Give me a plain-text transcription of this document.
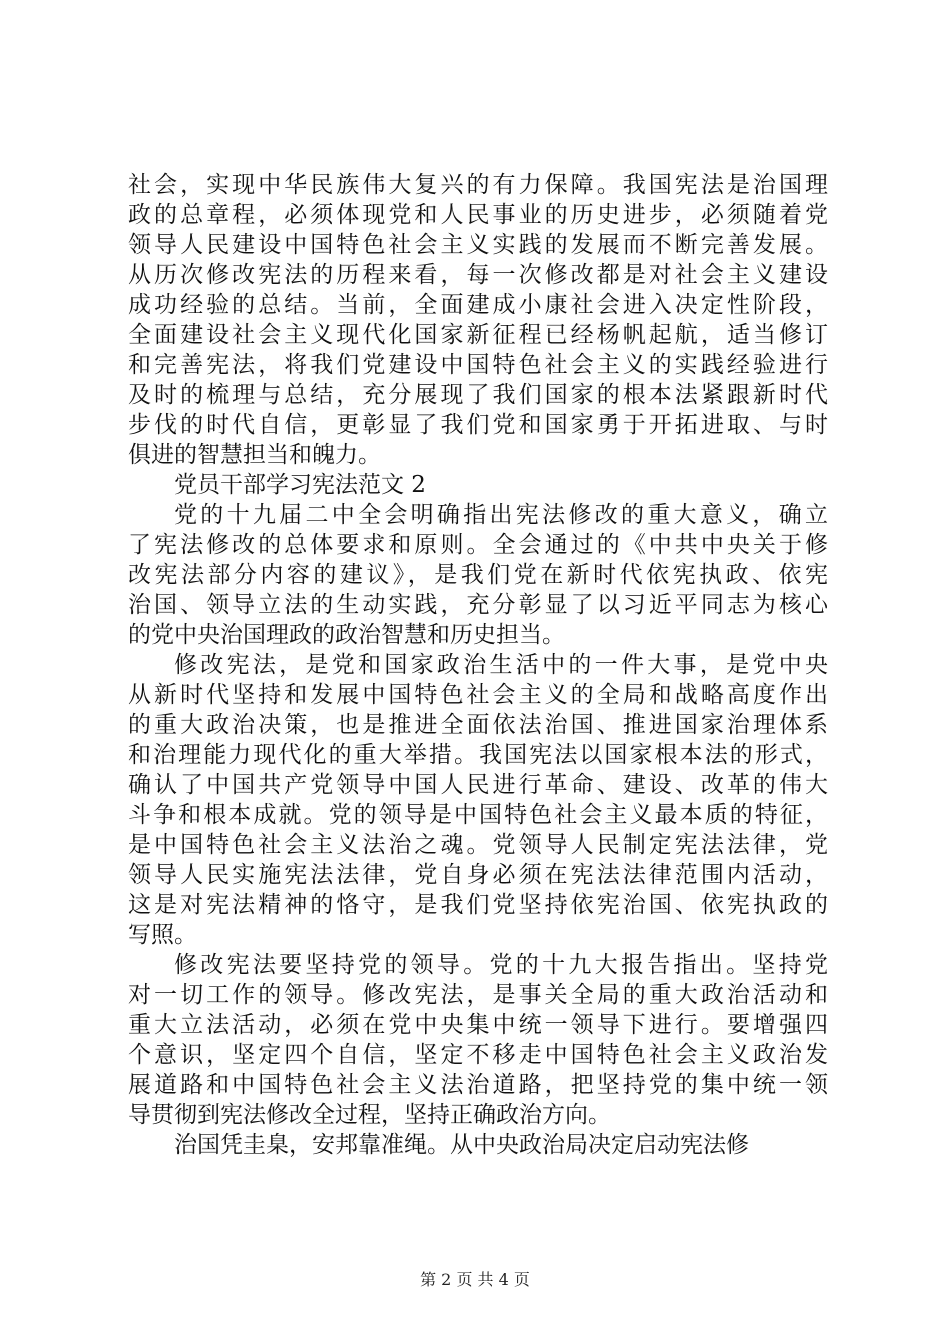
社会，实现中华民族伟大复兴的有力保障。我国宪法是治国理
政的总章程，必须体现党和人民事业的历史进步，必须随着党
领导人民建设中国特色社会主义实践的发展而不断完善发展。
从历次修改宪法的历程来看，每一次修改都是对社会主义建设
成功经验的总结。当前，全面建成小康社会进入决定性阶段，
全面建设社会主义现代化国家新征程已经杨帆起航，适当修订
和完善宪法，将我们党建设中国特色社会主义的实践经验进行
及时的梳理与总结，充分展现了我们国家的根本法紧跟新时代
步伐的时代自信，更彰显了我们党和国家勇于开拓进取、与时
俱进的智慧担当和魄力。
党员干部学习宪法范文 2
党的十九届二中全会明确指出宪法修改的重大意义，确立
了宪法修改的总体要求和原则。全会通过的《中共中央关于修
改宪法部分内容的建议》，是我们党在新时代依宪执政、依宪
治国、领导立法的生动实践，充分彰显了以习近平同志为核心
的党中央治国理政的政治智慧和历史担当。
修改宪法，是党和国家政治生活中的一件大事，是党中央
从新时代坚持和发展中国特色社会主义的全局和战略高度作出
的重大政治决策，也是推进全面依法治国、推进国家治理体系
和治理能力现代化的重大举措。我国宪法以国家根本法的形式，
确认了中国共产党领导中国人民进行革命、建设、改革的伟大
斗争和根本成就。党的领导是中国特色社会主义最本质的特征，
是中国特色社会主义法治之魂。党领导人民制定宪法法律，党
领导人民实施宪法法律，党自身必须在宪法法律范围内活动，
这是对宪法精神的恪守，是我们党坚持依宪治国、依宪执政的
写照。
修改宪法要坚持党的领导。党的十九大报告指出。坚持党
对一切工作的领导。修改宪法，是事关全局的重大政治活动和
重大立法活动，必须在党中央集中统一领导下进行。要增强四
个意识，坚定四个自信，坚定不移走中国特色社会主义政治发
展道路和中国特色社会主义法治道路，把坚持党的集中统一领
导贯彻到宪法修改全过程，坚持正确政治方向。
治国凭圭臬，安邦靠准绳。从中央政治局决定启动宪法修
第 2 页 共 4 页
